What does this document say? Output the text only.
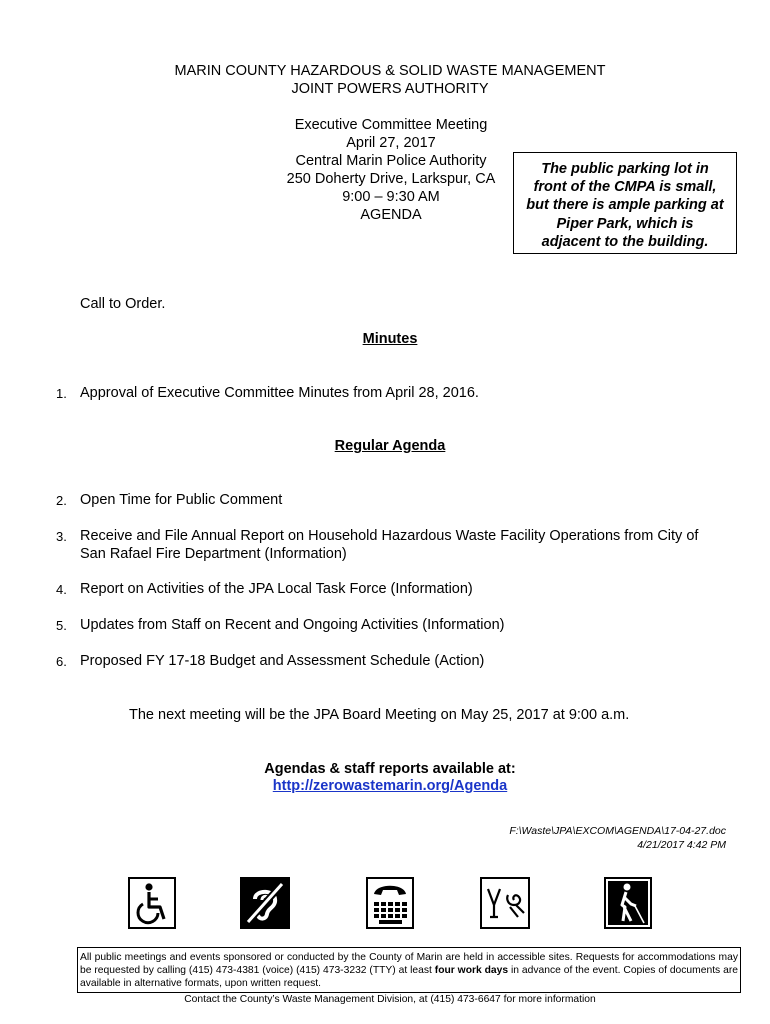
MARIN COUNTY HAZARDOUS & SOLID WASTE MANAGEMENT
JOINT POWERS AUTHORITY
Executive Committee Meeting
April 27, 2017
Central Marin Police Authority
250 Doherty Drive, Larkspur, CA
9:00 – 9:30 AM
AGENDA
The public parking lot in
front of the CMPA is small,
but there is ample parking at
Piper Park, which is
adjacent to the building.
Call to Order.
Minutes
1. Approval of Executive Committee Minutes from April 28, 2016.
Regular Agenda
2. Open Time for Public Comment
3. Receive and File Annual Report on Household Hazardous Waste Facility Operations from City of
San Rafael Fire Department (Information)
4. Report on Activities of the JPA Local Task Force (Information)
5. Updates from Staff on Recent and Ongoing Activities (Information)
6. Proposed FY 17-18 Budget and Assessment Schedule (Action)
The next meeting will be the JPA Board Meeting on May 25, 2017 at 9:00 a.m.
Agendas & staff reports available at:
http://zerowastemarin.org/Agenda
F:\Waste\JPA\EXCOM\AGENDA\17-04-27.doc
4/21/2017 4:42 PM
All public meetings and events sponsored or conducted by the County of Marin are held in accessible sites. Requests for accommodations may be requested by calling (415) 473-4381 (voice) (415) 473-3232 (TTY) at least four work days in advance of the event. Copies of documents are available in alternative formats, upon written request.
Contact the County’s Waste Management Division, at (415) 473-6647 for more information
